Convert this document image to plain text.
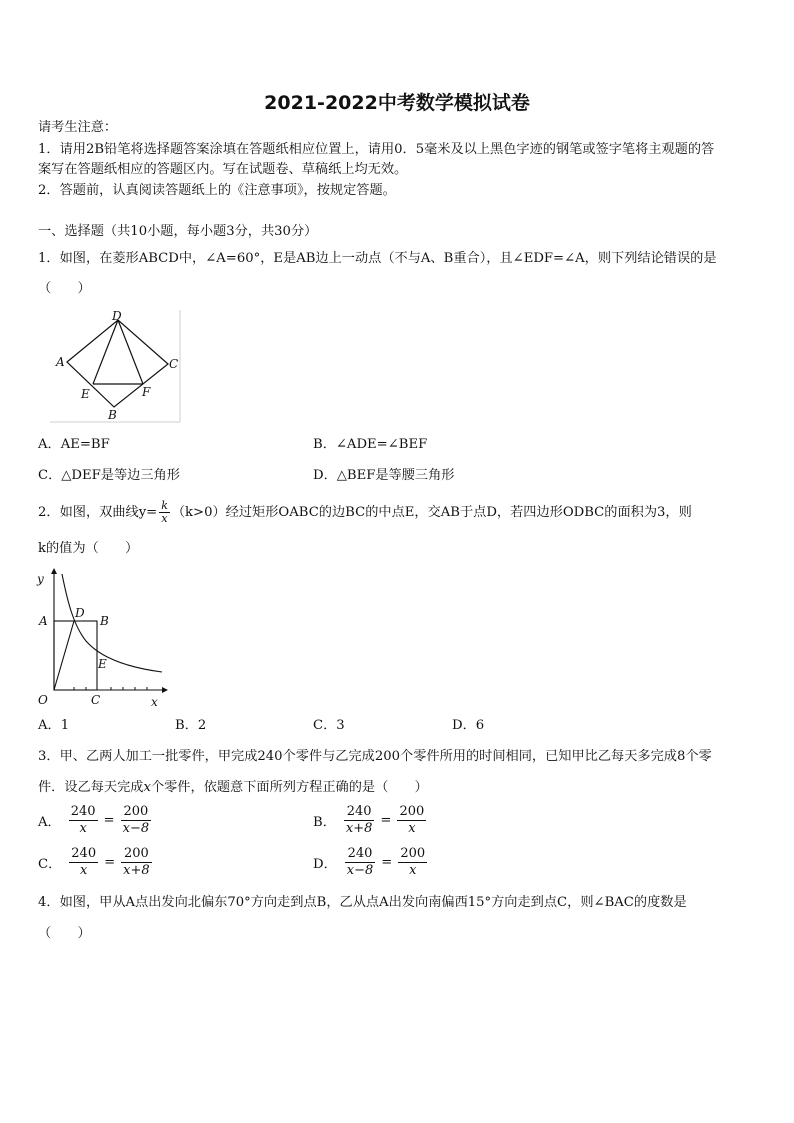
2021-2022中考数学模拟试卷
请考生注意：
1．请用2B铅笔将选择题答案涂填在答题纸相应位置上，请用0．5毫米及以上黑色字迹的钢笔或签字笔将主观题的答
案写在答题纸相应的答题区内。写在试题卷、草稿纸上均无效。
2．答题前，认真阅读答题纸上的《注意事项》，按规定答题。
一、选择题（共10小题，每小题3分，共30分）
1．如图，在菱形ABCD中，∠A=60°，E是AB边上一动点（不与A、B重合），且∠EDF=∠A，则下列结论错误的是
（　　）
D
A	C
E	F
B
A．AE=BF	B．∠ADE=∠BEF
C．△DEF是等边三角形	D．△BEF是等腰三角形
2．如图，双曲线$y= \frac{k}{x} (k>0)$经过矩形OABC的边BC的中点E，交AB于点D，若四边形ODBC的面积为3，则
k的值为（　　）
y
A
D
B
E
O	C	x
A．1	B．2	C．3	D．6
3．甲、乙两人加工一批零件，甲完成240个零件与乙完成200个零件所用的时间相同，已知甲比乙每天多完成8个零
件．设乙每天完成x个零件，依题意下面所列方程正确的是（　　）
A． $\frac{240}{x} = \frac{200}{x-8}$	B． $\frac{240}{x+8} = \frac{200}{x}$
C． $\frac{240}{x} = \frac{200}{x+8}$	D． $\frac{240}{x-8} = \frac{200}{x}$
4．如图，甲从A点出发向北偏东70°方向走到点B，乙从点A出发向南偏西15°方向走到点C，则∠BAC的度数是
（　　）
